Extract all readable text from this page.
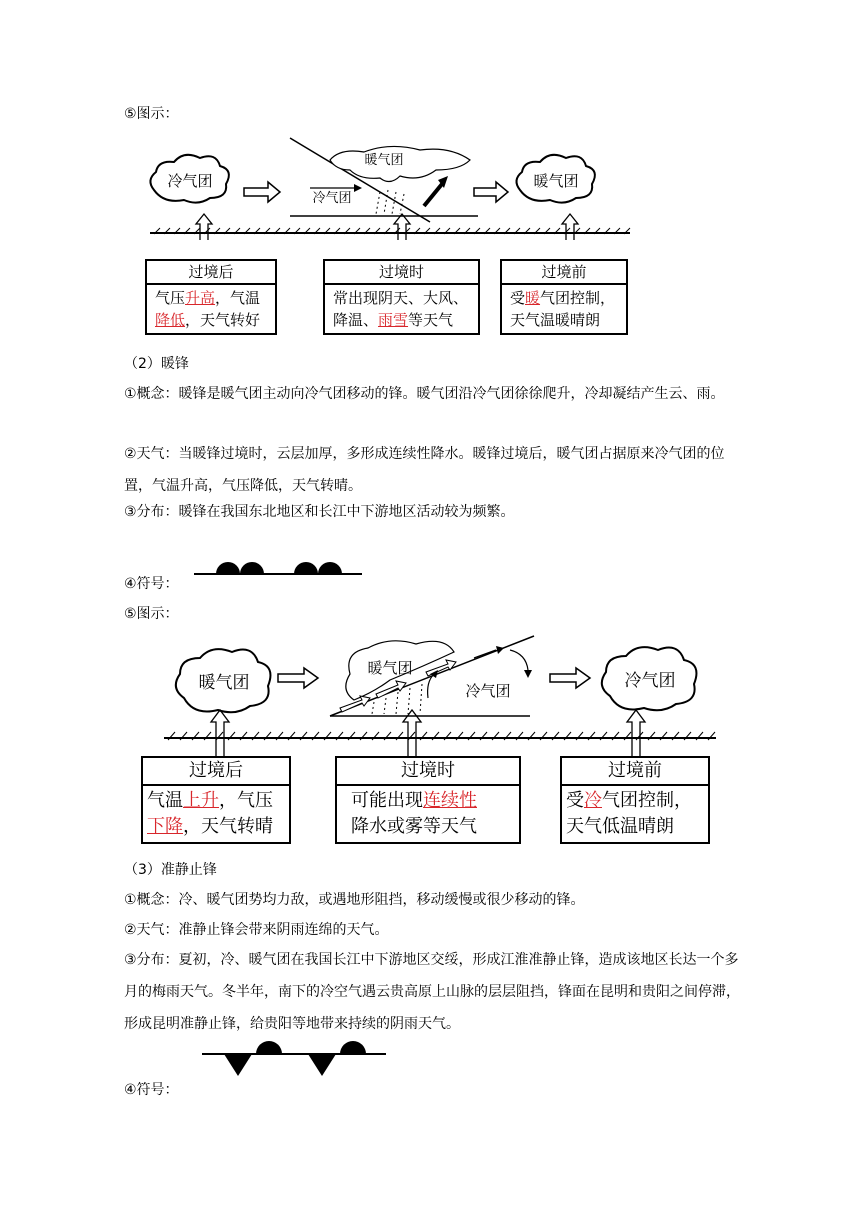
⑤图示：
冷气团
暖气团
冷气团
暖气团
过境后
气压升高，气温
降低，天气转好
过境时
常出现阴天、大风、
降温、雨雪等天气
过境前
受暖气团控制，
天气温暖晴朗
（2）暖锋
①概念：暖锋是暖气团主动向冷气团移动的锋。暖气团沿冷气团徐徐爬升，冷却凝结产生云、雨。
②天气：当暖锋过境时，云层加厚，多形成连续性降水。暖锋过境后，暖气团占据原来冷气团的位置，气温升高，气压降低，天气转晴。
③分布：暖锋在我国东北地区和长江中下游地区活动较为频繁。
④符号：
⑤图示：
暖气团
暖气团
冷气团	冷气团
过境后
气温上升，气压
下降，天气转晴
过境时
可能出现连续性
降水或雾等天气
过境前
受冷气团控制，
天气低温晴朗
（3）准静止锋
①概念：冷、暖气团势均力敌，或遇地形阻挡，移动缓慢或很少移动的锋。
②天气：准静止锋会带来阴雨连绵的天气。
③分布：夏初，冷、暖气团在我国长江中下游地区交绥，形成江淮准静止锋，造成该地区长达一个多月的梅雨天气。冬半年，南下的冷空气遇云贵高原上山脉的层层阻挡，锋面在昆明和贵阳之间停滞，形成昆明准静止锋，给贵阳等地带来持续的阴雨天气。
④符号：
